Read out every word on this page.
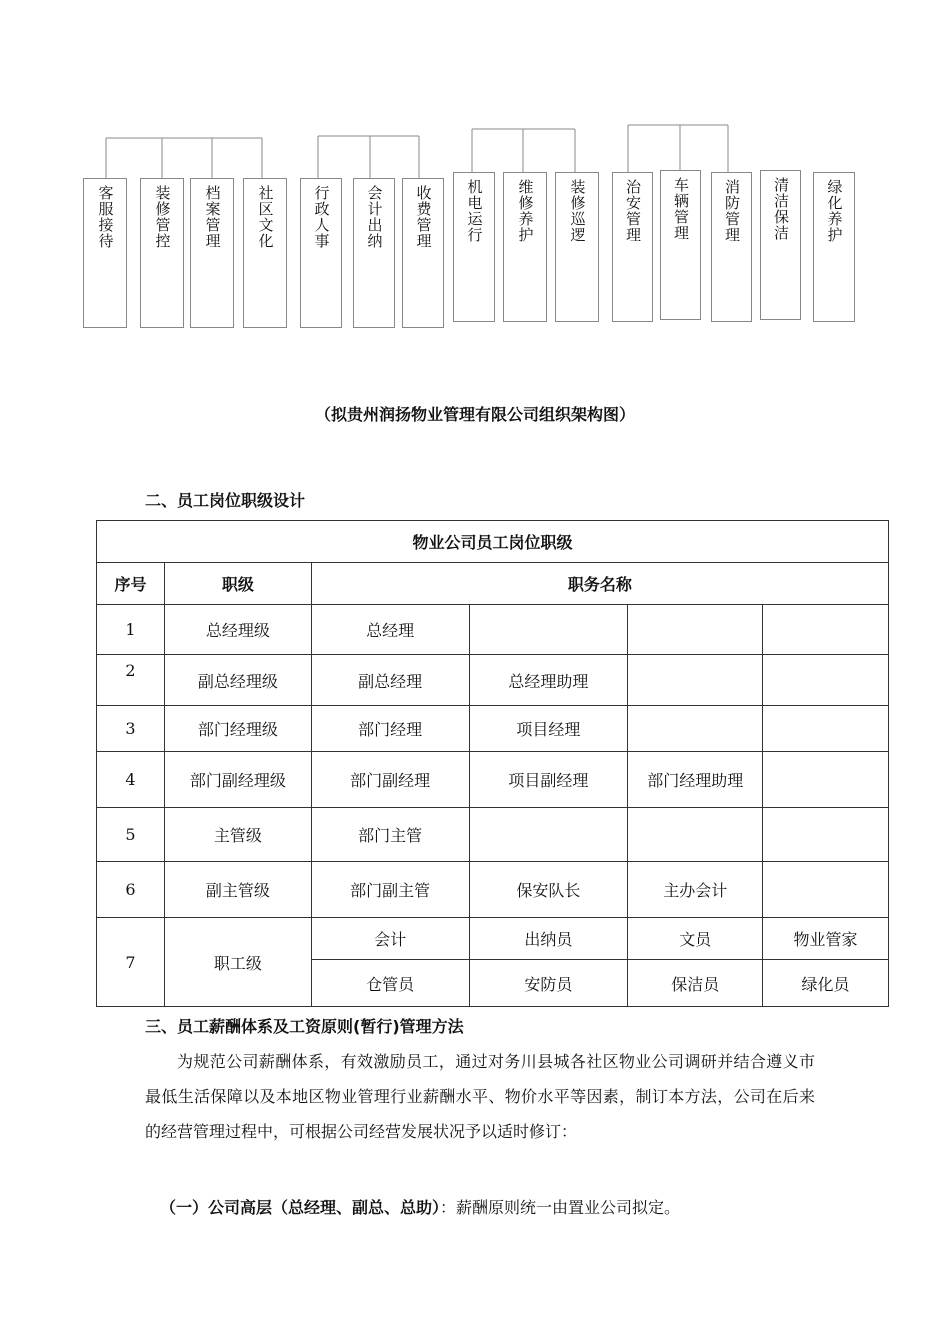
客服接待	装修管控 档案管理 社区文化	行政人事 会计出纳 收费管理 机电运行 维修养护 装修巡逻	治安管理 车辆管理 消防管理 清洁保洁 绿化养护
（拟贵州润扬物业管理有限公司组织架构图）
二、员工岗位职级设计
物业公司员工岗位职级					
序号	职级	职务名称			
1	总经理级	总经理			
2	副总经理级	副总经理	总经理助理		
3	部门经理级	部门经理	项目经理		
4	部门副经理级	部门副经理	项目副经理	部门经理助理	
5	主管级	部门主管			
6	副主管级	部门副主管	保安队长	主办会计	
7	职工级	会计	出纳员	文员	物业管家
		仓管员	安防员	保洁员	绿化员
三、员工薪酬体系及工资原则(暂行)管理方法
为规范公司薪酬体系，有效激励员工，通过对务川县城各社区物业公司调研并结合遵义市最低生活保障以及本地区物业管理行业薪酬水平、物价水平等因素，制订本方法，公司在后来的经营管理过程中，可根据公司经营发展状况予以适时修订：
（一）公司高层（总经理、副总、总助）：薪酬原则统一由置业公司拟定。
